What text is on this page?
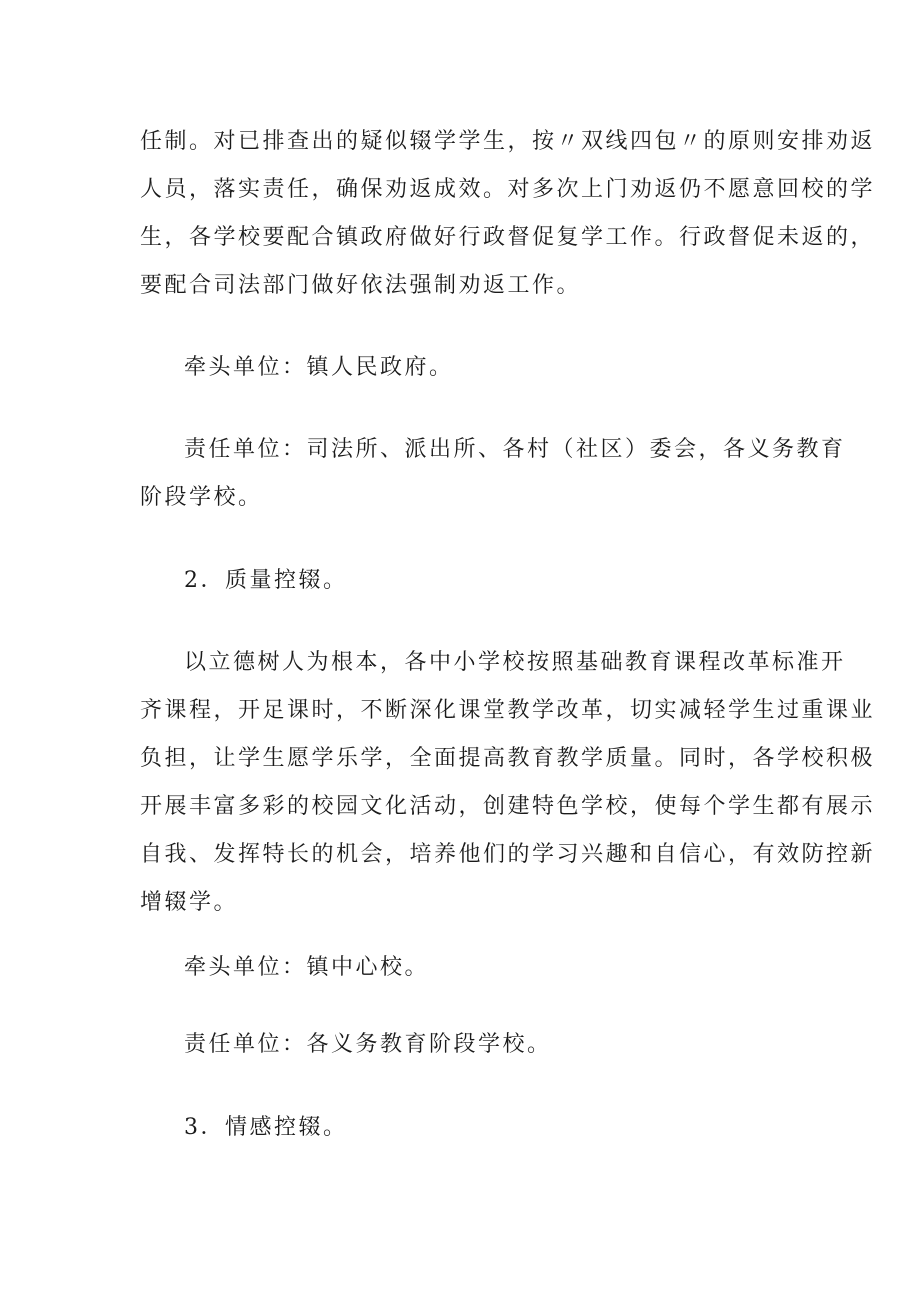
任制。对已排查出的疑似辍学学生，按〃双线四包〃的原则安排劝返
人员，落实责任，确保劝返成效。对多次上门劝返仍不愿意回校的学
生，各学校要配合镇政府做好行政督促复学工作。行政督促未返的，
要配合司法部门做好依法强制劝返工作。

牵头单位：镇人民政府。

责任单位：司法所、派出所、各村（社区）委会，各义务教育
阶段学校。

2．质量控辍。

以立德树人为根本，各中小学校按照基础教育课程改革标准开
齐课程，开足课时，不断深化课堂教学改革，切实减轻学生过重课业
负担，让学生愿学乐学，全面提高教育教学质量。同时，各学校积极
开展丰富多彩的校园文化活动，创建特色学校，使每个学生都有展示
自我、发挥特长的机会，培养他们的学习兴趣和自信心，有效防控新
增辍学。

牵头单位：镇中心校。

责任单位：各义务教育阶段学校。

3．情感控辍。
